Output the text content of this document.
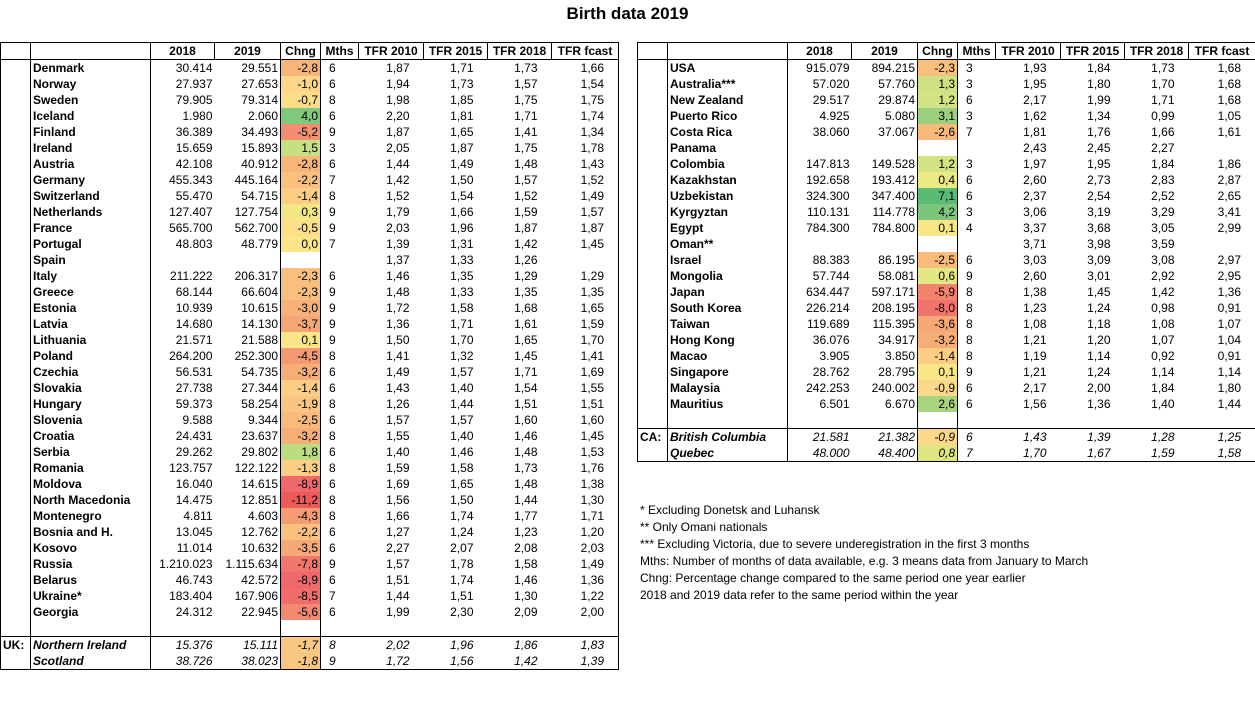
Birth data 2019
		2018	2019	Chng	Mths	TFR 2010	TFR 2015	TFR 2018	TFR fcast
	Denmark	30.414	29.551	-2,8	6	1,87	1,71	1,73	1,66
	Norway	27.937	27.653	-1,0	6	1,94	1,73	1,57	1,54
	Sweden	79.905	79.314	-0,7	8	1,98	1,85	1,75	1,75
	Iceland	1.980	2.060	4,0	6	2,20	1,81	1,71	1,74
	Finland	36.389	34.493	-5,2	9	1,87	1,65	1,41	1,34
	Ireland	15.659	15.893	1,5	3	2,05	1,87	1,75	1,78
	Austria	42.108	40.912	-2,8	6	1,44	1,49	1,48	1,43
	Germany	455.343	445.164	-2,2	7	1,42	1,50	1,57	1,52
	Switzerland	55.470	54.715	-1,4	8	1,52	1,54	1,52	1,49
	Netherlands	127.407	127.754	0,3	9	1,79	1,66	1,59	1,57
	France	565.700	562.700	-0,5	9	2,03	1,96	1,87	1,87
	Portugal	48.803	48.779	0,0	7	1,39	1,31	1,42	1,45
	Spain					1,37	1,33	1,26	
	Italy	211.222	206.317	-2,3	6	1,46	1,35	1,29	1,29
	Greece	68.144	66.604	-2,3	9	1,48	1,33	1,35	1,35
	Estonia	10.939	10.615	-3,0	9	1,72	1,58	1,68	1,65
	Latvia	14.680	14.130	-3,7	9	1,36	1,71	1,61	1,59
	Lithuania	21.571	21.588	0,1	9	1,50	1,70	1,65	1,70
	Poland	264.200	252.300	-4,5	8	1,41	1,32	1,45	1,41
	Czechia	56.531	54.735	-3,2	6	1,49	1,57	1,71	1,69
	Slovakia	27.738	27.344	-1,4	6	1,43	1,40	1,54	1,55
	Hungary	59.373	58.254	-1,9	8	1,26	1,44	1,51	1,51
	Slovenia	9.588	9.344	-2,5	6	1,57	1,57	1,60	1,60
	Croatia	24.431	23.637	-3,2	8	1,55	1,40	1,46	1,45
	Serbia	29.262	29.802	1,8	6	1,40	1,46	1,48	1,53
	Romania	123.757	122.122	-1,3	8	1,59	1,58	1,73	1,76
	Moldova	16.040	14.615	-8,9	6	1,69	1,65	1,48	1,38
	North Macedonia	14.475	12.851	-11,2	8	1,56	1,50	1,44	1,30
	Montenegro	4.811	4.603	-4,3	8	1,66	1,74	1,77	1,71
	Bosnia and H.	13.045	12.762	-2,2	6	1,27	1,24	1,23	1,20
	Kosovo	11.014	10.632	-3,5	6	2,27	2,07	2,08	2,03
	Russia	1.210.023	1.115.634	-7,8	9	1,57	1,78	1,58	1,49
	Belarus	46.743	42.572	-8,9	6	1,51	1,74	1,46	1,36
	Ukraine*	183.404	167.906	-8,5	7	1,44	1,51	1,30	1,22
	Georgia	24.312	22.945	-5,6	6	1,99	2,30	2,09	2,00

UK:	Northern Ireland	15.376	15.111	-1,7	8	2,02	1,96	1,86	1,83
	Scotland	38.726	38.023	-1,8	9	1,72	1,56	1,42	1,39
		2018	2019	Chng	Mths	TFR 2010	TFR 2015	TFR 2018	TFR fcast
	USA	915.079	894.215	-2,3	3	1,93	1,84	1,73	1,68
	Australia***	57.020	57.760	1,3	3	1,95	1,80	1,70	1,68
	New Zealand	29.517	29.874	1,2	6	2,17	1,99	1,71	1,68
	Puerto Rico	4.925	5.080	3,1	3	1,62	1,34	0,99	1,05
	Costa Rica	38.060	37.067	-2,6	7	1,81	1,76	1,66	1,61
	Panama					2,43	2,45	2,27	
	Colombia	147.813	149.528	1,2	3	1,97	1,95	1,84	1,86
	Kazakhstan	192.658	193.412	0,4	6	2,60	2,73	2,83	2,87
	Uzbekistan	324.300	347.400	7,1	6	2,37	2,54	2,52	2,65
	Kyrgyztan	110.131	114.778	4,2	3	3,06	3,19	3,29	3,41
	Egypt	784.300	784.800	0,1	4	3,37	3,68	3,05	2,99
	Oman**					3,71	3,98	3,59	
	Israel	88.383	86.195	-2,5	6	3,03	3,09	3,08	2,97
	Mongolia	57.744	58.081	0,6	9	2,60	3,01	2,92	2,95
	Japan	634.447	597.171	-5,9	8	1,38	1,45	1,42	1,36
	South Korea	226.214	208.195	-8,0	8	1,23	1,24	0,98	0,91
	Taiwan	119.689	115.395	-3,6	8	1,08	1,18	1,08	1,07
	Hong Kong	36.076	34.917	-3,2	8	1,21	1,20	1,07	1,04
	Macao	3.905	3.850	-1,4	8	1,19	1,14	0,92	0,91
	Singapore	28.762	28.795	0,1	9	1,21	1,24	1,14	1,14
	Malaysia	242.253	240.002	-0,9	6	2,17	2,00	1,84	1,80
	Mauritius	6.501	6.670	2,6	6	1,56	1,36	1,40	1,44

CA:	British Columbia	21.581	21.382	-0,9	6	1,43	1,39	1,28	1,25
	Quebec	48.000	48.400	0,8	7	1,70	1,67	1,59	1,58
* Excluding Donetsk and Luhansk
** Only Omani nationals
*** Excluding Victoria, due to severe underegistration in the first 3 months
Mths: Number of months of data available, e.g. 3 means data from January to March
Chng: Percentage change compared to the same period one year earlier
2018 and 2019 data refer to the same period within the year
